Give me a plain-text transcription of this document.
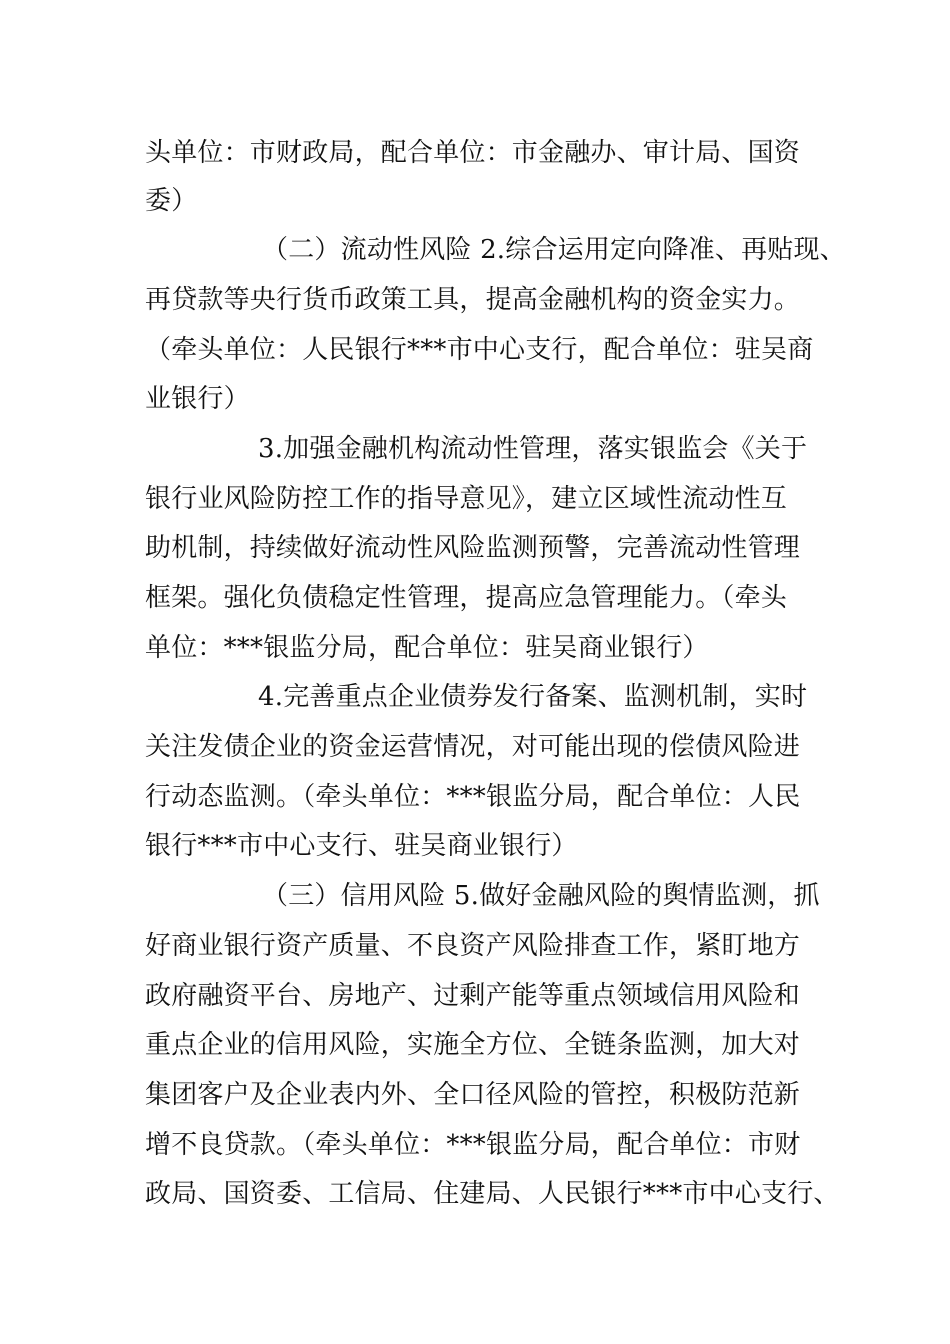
头单位：市财政局，配合单位：市金融办、审计局、国资
委）
（二）流动性风险 2.综合运用定向降准、再贴现、
再贷款等央行货币政策工具，提高金融机构的资金实力。
（牵头单位：人民银行***市中心支行，配合单位：驻吴商
业银行）
3.加强金融机构流动性管理，落实银监会《关于
银行业风险防控工作的指导意见》，建立区域性流动性互
助机制，持续做好流动性风险监测预警，完善流动性管理
框架。强化负债稳定性管理，提高应急管理能力。（牵头
单位：***银监分局，配合单位：驻吴商业银行）
4.完善重点企业债券发行备案、监测机制，实时
关注发债企业的资金运营情况，对可能出现的偿债风险进
行动态监测。（牵头单位：***银监分局，配合单位：人民
银行***市中心支行、驻吴商业银行）
（三）信用风险 5.做好金融风险的舆情监测，抓
好商业银行资产质量、不良资产风险排查工作，紧盯地方
政府融资平台、房地产、过剩产能等重点领域信用风险和
重点企业的信用风险，实施全方位、全链条监测，加大对
集团客户及企业表内外、全口径风险的管控，积极防范新
增不良贷款。（牵头单位：***银监分局，配合单位：市财
政局、国资委、工信局、住建局、人民银行***市中心支行、
